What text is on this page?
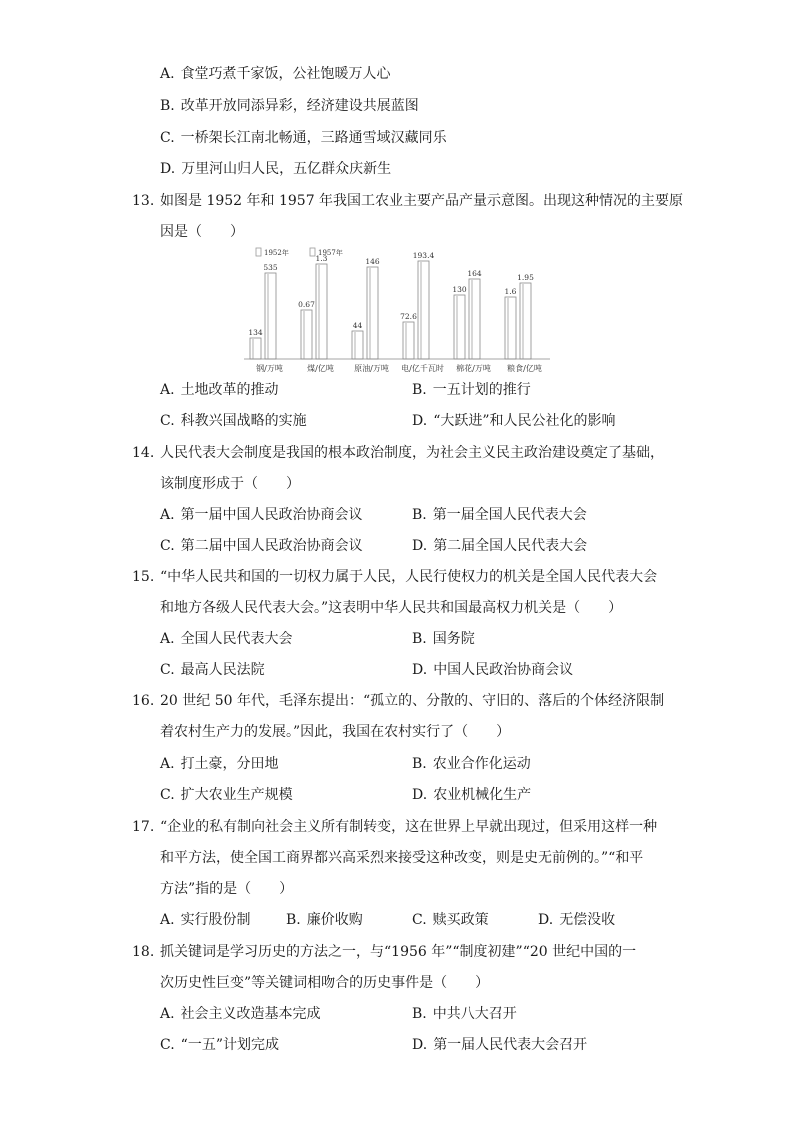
A. 食堂巧煮千家饭，公社饱暖万人心
B. 改革开放同添异彩，经济建设共展蓝图
C. 一桥架长江南北畅通，三路通雪域汉藏同乐
D. 万里河山归人民，五亿群众庆新生
13. 如图是 1952 年和 1957 年我国工农业主要产品产量示意图。出现这种情况的主要原
因是（　　）
1952年	1957年
134
535
0.67
1.3
44
146
72.6
193.4
130
164
1.6
1.95
钢/万吨	煤/亿吨	原油/万吨 电/亿千瓦时 棉花/万吨 粮食/亿吨
A. 土地改革的推动	B. 一五计划的推行
C. 科教兴国战略的实施	D. “大跃进”和人民公社化的影响
14. 人民代表大会制度是我国的根本政治制度，为社会主义民主政治建设奠定了基础，
该制度形成于（　　）
A. 第一届中国人民政治协商会议	B. 第一届全国人民代表大会
C. 第二届中国人民政治协商会议	D. 第二届全国人民代表大会
15. “中华人民共和国的一切权力属于人民，人民行使权力的机关是全国人民代表大会
和地方各级人民代表大会。”这表明中华人民共和国最高权力机关是（　　）
A. 全国人民代表大会	B. 国务院
C. 最高人民法院	D. 中国人民政治协商会议
16. 20 世纪 50 年代，毛泽东提出：“孤立的、分散的、守旧的、落后的个体经济限制
着农村生产力的发展。”因此，我国在农村实行了（　　）
A. 打土豪，分田地	B. 农业合作化运动
C. 扩大农业生产规模	D. 农业机械化生产
17. “企业的私有制向社会主义所有制转变，这在世界上早就出现过，但采用这样一种
和平方法，使全国工商界都兴高采烈来接受这种改变，则是史无前例的。”“和平
方法”指的是（　　）
A. 实行股份制	B. 廉价收购	C. 赎买政策	D. 无偿没收
18. 抓关键词是学习历史的方法之一，与“1956 年”“制度初建”“20 世纪中国的一
次历史性巨变”等关键词相吻合的历史事件是（　　）
A. 社会主义改造基本完成	B. 中共八大召开
C. “一五”计划完成	D. 第一届人民代表大会召开
